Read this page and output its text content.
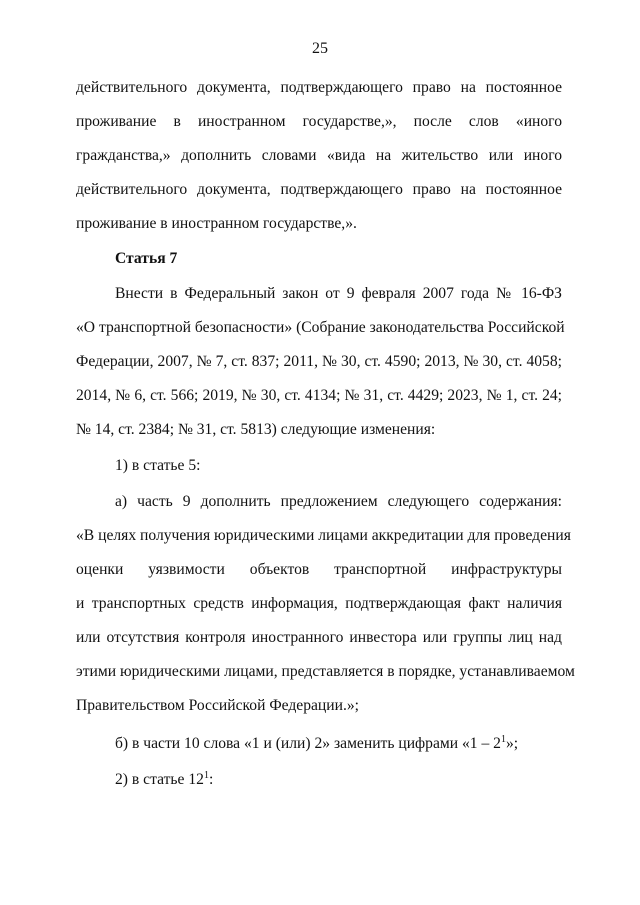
25
действительного документа, подтверждающего право на постоянное
проживание в иностранном государстве,», после слов «иного
гражданства,» дополнить словами «вида на жительство или иного
действительного документа, подтверждающего право на постоянное
проживание в иностранном государстве,».
Статья 7
Внести в Федеральный закон от 9 февраля 2007 года № 16-ФЗ
«О транспортной безопасности» (Собрание законодательства Российской
Федерации, 2007, № 7, ст. 837; 2011, № 30, ст. 4590; 2013, № 30, ст. 4058;
2014, № 6, ст. 566; 2019, № 30, ст. 4134; № 31, ст. 4429; 2023, № 1, ст. 24;
№ 14, ст. 2384; № 31, ст. 5813) следующие изменения:
1) в статье 5:
а) часть 9 дополнить предложением следующего содержания:
«В целях получения юридическими лицами аккредитации для проведения
оценки уязвимости объектов транспортной инфраструктуры
и транспортных средств информация, подтверждающая факт наличия
или отсутствия контроля иностранного инвестора или группы лиц над
этими юридическими лицами, представляется в порядке, устанавливаемом
Правительством Российской Федерации.»;
б) в части 10 слова «1 и (или) 2» заменить цифрами «$1 - 2^1$»;
2) в статье $12^1$:
